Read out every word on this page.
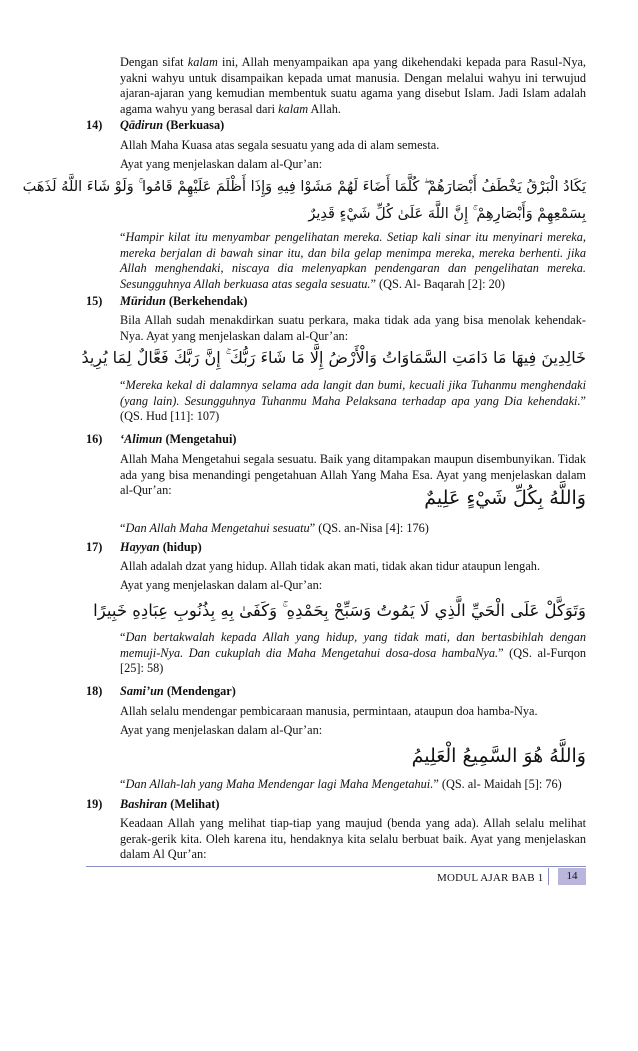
Dengan sifat kalam ini, Allah menyampaikan apa yang dikehendaki kepada para Rasul-Nya, yakni wahyu untuk disampaikan kepada umat manusia. Dengan melalui wahyu ini terwujud ajaran-ajaran yang kemudian membentuk suatu agama yang disebut Islam. Jadi Islam adalah agama wahyu yang berasal dari kalam Allah.
14) Qādirun (Berkuasa)
Allah Maha Kuasa atas segala sesuatu yang ada di alam semesta.
Ayat yang menjelaskan dalam al-Qur’an:
يَكَادُ الْبَرْقُ يَخْطَفُ أَبْصَارَهُمْ ۖ كُلَّمَا أَضَاءَ لَهُمْ مَشَوْا فِيهِ وَإِذَا أَظْلَمَ عَلَيْهِمْ قَامُوا ۚ وَلَوْ شَاءَ اللَّهُ لَذَهَبَ
بِسَمْعِهِمْ وَأَبْصَارِهِمْ ۚ إِنَّ اللَّهَ عَلَىٰ كُلِّ شَيْءٍ قَدِيرٌ
“Hampir kilat itu menyambar pengelihatan mereka. Setiap kali sinar itu menyinari mereka, mereka berjalan di bawah sinar itu, dan bila gelap menimpa mereka, mereka berhenti. jika Allah menghendaki, niscaya dia melenyapkan pendengaran dan pengelihatan mereka. Sesungguhnya Allah berkuasa atas segala sesuatu.” (QS. Al- Baqarah [2]: 20)
15) Mūridun (Berkehendak)
Bila Allah sudah menakdirkan suatu perkara, maka tidak ada yang bisa menolak kehendak-Nya. Ayat yang menjelaskan dalam al-Qur’an:
خَالِدِينَ فِيهَا مَا دَامَتِ السَّمَاوَاتُ وَالْأَرْضُ إِلَّا مَا شَاءَ رَبُّكَ ۚ إِنَّ رَبَّكَ فَعَّالٌ لِمَا يُرِيدُ
“Mereka kekal di dalamnya selama ada langit dan bumi, kecuali jika Tuhanmu menghendaki (yang lain). Sesungguhnya Tuhanmu Maha Pelaksana terhadap apa yang Dia kehendaki.” (QS. Hud [11]: 107)
16) ‘Alimun (Mengetahui)
Allah Maha Mengetahui segala sesuatu. Baik yang ditampakan maupun disembunyikan. Tidak ada yang bisa menandingi pengetahuan Allah Yang Maha Esa. Ayat yang menjelaskan dalam al-Qur’an:	وَاللَّهُ بِكُلِّ شَيْءٍ عَلِيمٌ
“Dan Allah Maha Mengetahui sesuatu” (QS. an-Nisa [4]: 176)
17) Hayyan (hidup)
Allah adalah dzat yang hidup. Allah tidak akan mati, tidak akan tidur ataupun lengah.
Ayat yang menjelaskan dalam al-Qur’an:
وَتَوَكَّلْ عَلَى الْحَيِّ الَّذِي لَا يَمُوتُ وَسَبِّحْ بِحَمْدِهِ ۚ وَكَفَىٰ بِهِ بِذُنُوبِ عِبَادِهِ خَبِيرًا
“Dan bertakwalah kepada Allah yang hidup, yang tidak mati, dan bertasbihlah dengan memuji-Nya. Dan cukuplah dia Maha Mengetahui dosa-dosa hambaNya.” (QS. al-Furqon [25]: 58)
18) Sami’un (Mendengar)
Allah selalu mendengar pembicaraan manusia, permintaan, ataupun doa hamba-Nya.
Ayat yang menjelaskan dalam al-Qur’an:
وَاللَّهُ هُوَ السَّمِيعُ الْعَلِيمُ
“Dan Allah-lah yang Maha Mendengar lagi Maha Mengetahui.” (QS. al- Maidah [5]: 76)
19) Bashiran (Melihat)
Keadaan Allah yang melihat tiap-tiap yang maujud (benda yang ada). Allah selalu melihat gerak-gerik kita. Oleh karena itu, hendaknya kita selalu berbuat baik. Ayat yang menjelaskan dalam Al Qur’an:
MODUL AJAR BAB 1	14
